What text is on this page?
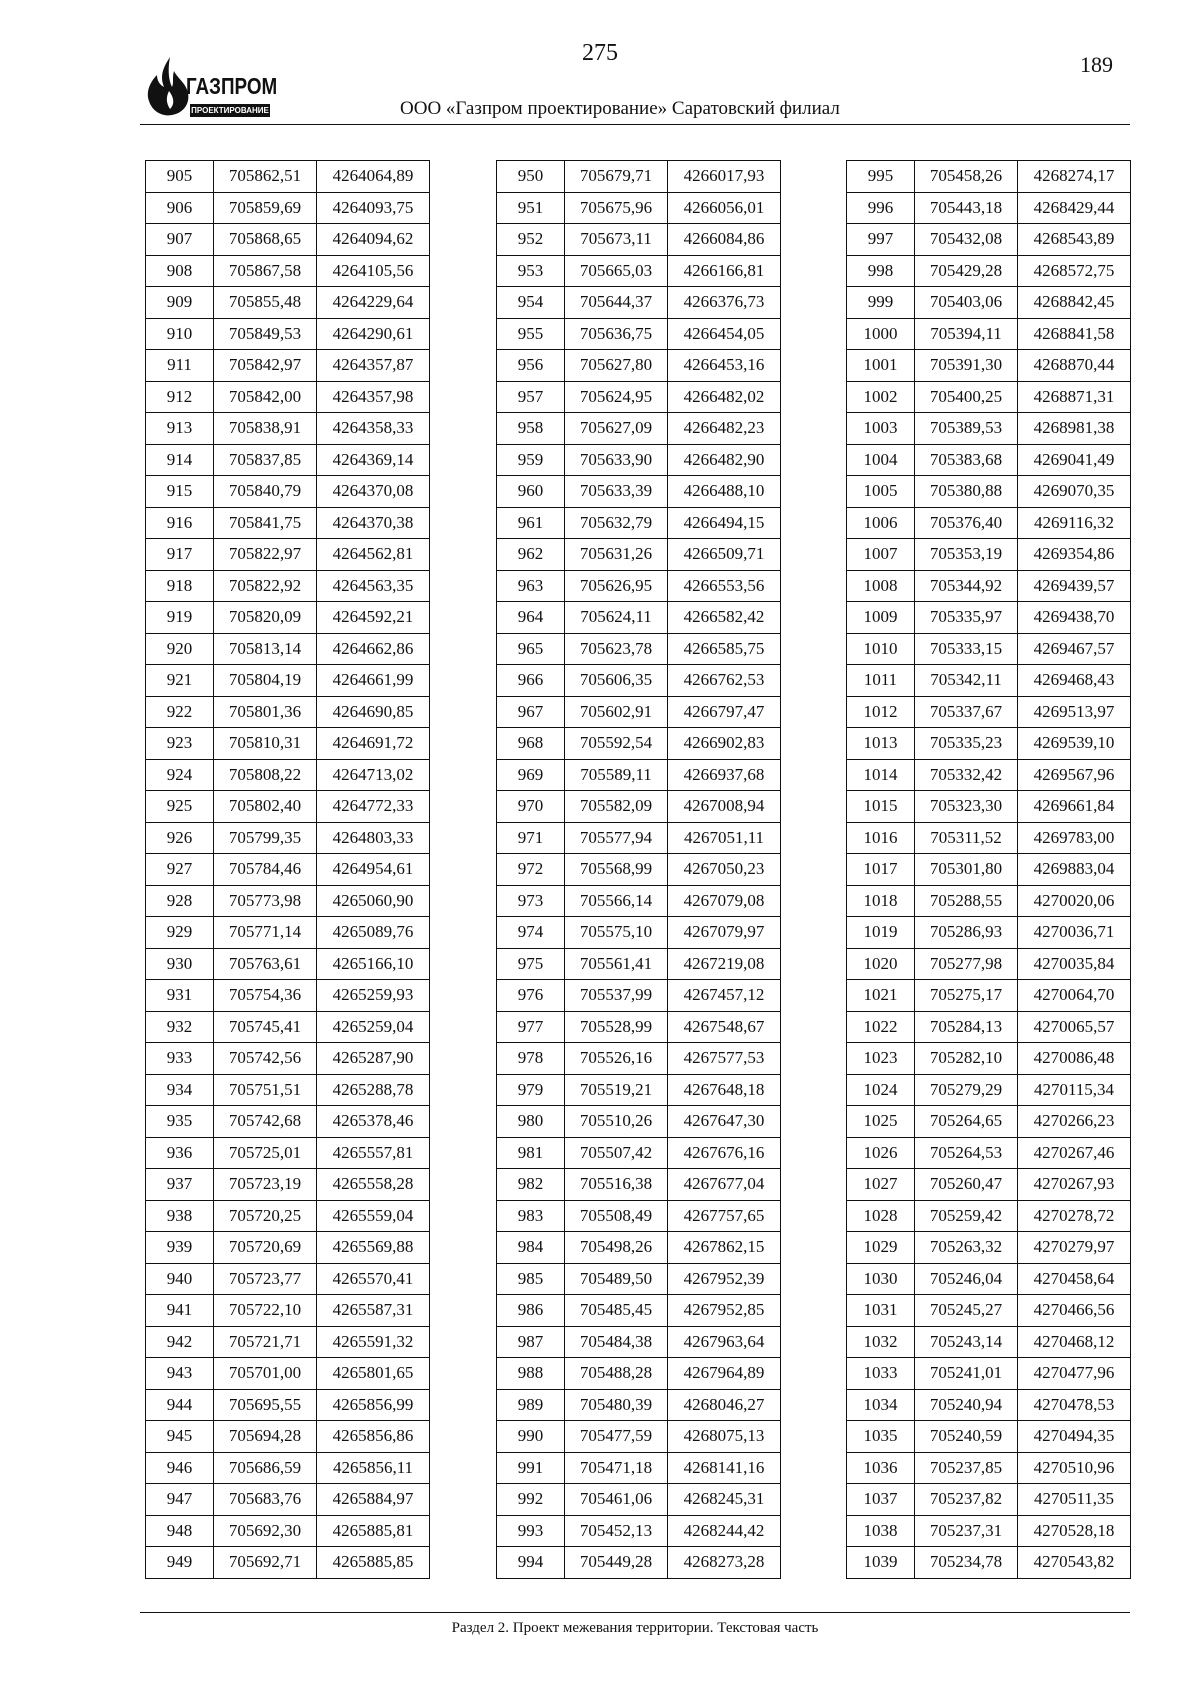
275	189
ГАЗПРОМ
ПРОЕКТИРОВАНИЕ	ООО «Газпром проектирование» Саратовский филиал
905	705862,51	4264064,89
906	705859,69	4264093,75
907	705868,65	4264094,62
908	705867,58	4264105,56
909	705855,48	4264229,64
910	705849,53	4264290,61
911	705842,97	4264357,87
912	705842,00	4264357,98
913	705838,91	4264358,33
914	705837,85	4264369,14
915	705840,79	4264370,08
916	705841,75	4264370,38
917	705822,97	4264562,81
918	705822,92	4264563,35
919	705820,09	4264592,21
920	705813,14	4264662,86
921	705804,19	4264661,99
922	705801,36	4264690,85
923	705810,31	4264691,72
924	705808,22	4264713,02
925	705802,40	4264772,33
926	705799,35	4264803,33
927	705784,46	4264954,61
928	705773,98	4265060,90
929	705771,14	4265089,76
930	705763,61	4265166,10
931	705754,36	4265259,93
932	705745,41	4265259,04
933	705742,56	4265287,90
934	705751,51	4265288,78
935	705742,68	4265378,46
936	705725,01	4265557,81
937	705723,19	4265558,28
938	705720,25	4265559,04
939	705720,69	4265569,88
940	705723,77	4265570,41
941	705722,10	4265587,31
942	705721,71	4265591,32
943	705701,00	4265801,65
944	705695,55	4265856,99
945	705694,28	4265856,86
946	705686,59	4265856,11
947	705683,76	4265884,97
948	705692,30	4265885,81
949	705692,71	4265885,85
950	705679,71	4266017,93
951	705675,96	4266056,01
952	705673,11	4266084,86
953	705665,03	4266166,81
954	705644,37	4266376,73
955	705636,75	4266454,05
956	705627,80	4266453,16
957	705624,95	4266482,02
958	705627,09	4266482,23
959	705633,90	4266482,90
960	705633,39	4266488,10
961	705632,79	4266494,15
962	705631,26	4266509,71
963	705626,95	4266553,56
964	705624,11	4266582,42
965	705623,78	4266585,75
966	705606,35	4266762,53
967	705602,91	4266797,47
968	705592,54	4266902,83
969	705589,11	4266937,68
970	705582,09	4267008,94
971	705577,94	4267051,11
972	705568,99	4267050,23
973	705566,14	4267079,08
974	705575,10	4267079,97
975	705561,41	4267219,08
976	705537,99	4267457,12
977	705528,99	4267548,67
978	705526,16	4267577,53
979	705519,21	4267648,18
980	705510,26	4267647,30
981	705507,42	4267676,16
982	705516,38	4267677,04
983	705508,49	4267757,65
984	705498,26	4267862,15
985	705489,50	4267952,39
986	705485,45	4267952,85
987	705484,38	4267963,64
988	705488,28	4267964,89
989	705480,39	4268046,27
990	705477,59	4268075,13
991	705471,18	4268141,16
992	705461,06	4268245,31
993	705452,13	4268244,42
994	705449,28	4268273,28
995	705458,26	4268274,17
996	705443,18	4268429,44
997	705432,08	4268543,89
998	705429,28	4268572,75
999	705403,06	4268842,45
1000	705394,11	4268841,58
1001	705391,30	4268870,44
1002	705400,25	4268871,31
1003	705389,53	4268981,38
1004	705383,68	4269041,49
1005	705380,88	4269070,35
1006	705376,40	4269116,32
1007	705353,19	4269354,86
1008	705344,92	4269439,57
1009	705335,97	4269438,70
1010	705333,15	4269467,57
1011	705342,11	4269468,43
1012	705337,67	4269513,97
1013	705335,23	4269539,10
1014	705332,42	4269567,96
1015	705323,30	4269661,84
1016	705311,52	4269783,00
1017	705301,80	4269883,04
1018	705288,55	4270020,06
1019	705286,93	4270036,71
1020	705277,98	4270035,84
1021	705275,17	4270064,70
1022	705284,13	4270065,57
1023	705282,10	4270086,48
1024	705279,29	4270115,34
1025	705264,65	4270266,23
1026	705264,53	4270267,46
1027	705260,47	4270267,93
1028	705259,42	4270278,72
1029	705263,32	4270279,97
1030	705246,04	4270458,64
1031	705245,27	4270466,56
1032	705243,14	4270468,12
1033	705241,01	4270477,96
1034	705240,94	4270478,53
1035	705240,59	4270494,35
1036	705237,85	4270510,96
1037	705237,82	4270511,35
1038	705237,31	4270528,18
1039	705234,78	4270543,82
Раздел 2. Проект межевания территории. Текстовая часть
